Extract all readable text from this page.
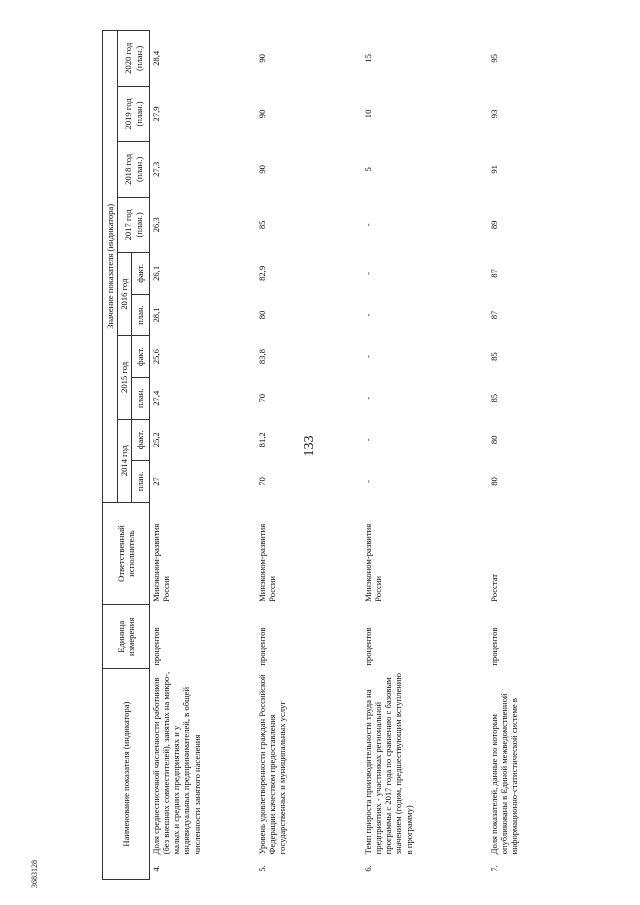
133
3683128
Наименование показателя (индикатора)		Единица измерения	Ответственный исполнитель	Значение показателя (индикатора)									
				2014 год		2015 год		2016 год		2017 год (план.)	2018 год (план.)	2019 год (план.)	2020 год (план.)
				план.	факт.	план.	факт.	план.	факт.				
4.	Доля среднесписочной численности работников (без внешних совместителей), занятых на микро-, малых и средних предприятиях и у индивидуальных предпринимателей, в общей численности занятого населения	процентов	Минэконом-развития России	27	25,2	27,4	25,6	28,1	26,1	26,3	27,3	27,9	28,4
5.	Уровень удовлетворенности граждан Российской Федерации качеством предоставления государственных и муниципальных услуг	процентов	Минэконом-развития России	70	81,2	70	83,8	80	82,9	85	90	90	90
6.	Темп прироста производительности труда на предприятиях - участниках региональной программы с 2017 года по сравнению с базовым значением (годом, предшествующим вступлению в программу)	процентов	Минэконом-развития России	-	-	-	-	-	-	-	5	10	15
7.	Доля показателей, данные по которым опубликованы в Единой межведомственной информационно-статистической системе в	процентов	Росстат	80	80	85	85	87	87	89	91	93	95
